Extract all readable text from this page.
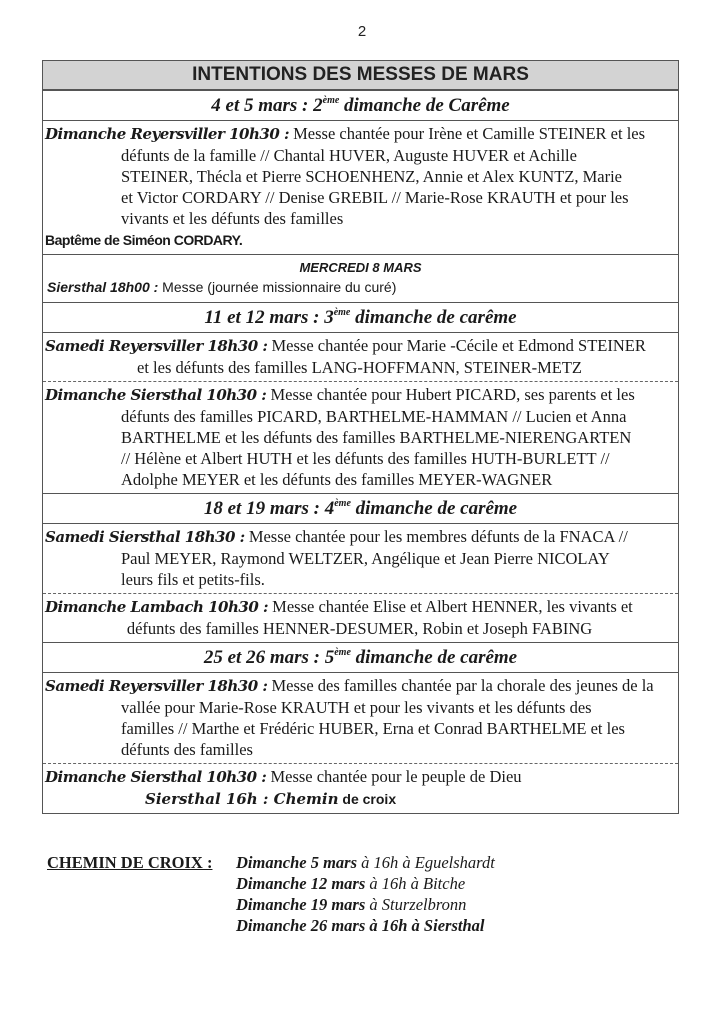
2
INTENTIONS DES MESSES DE MARS
4 et 5 mars : 2ème dimanche de Carême
Dimanche Reyersviller 10h30 : Messe chantée pour Irène et Camille STEINER et les
défunts de la famille // Chantal HUVER, Auguste HUVER et Achille
STEINER, Thécla et Pierre SCHOENHENZ, Annie et Alex KUNTZ, Marie
et Victor CORDARY // Denise GREBIL // Marie-Rose KRAUTH et pour les
vivants et les défunts des familles
Baptême de Siméon CORDARY.
MERCREDI 8 MARS
Siersthal 18h00 : Messe (journée missionnaire du curé)
11 et 12 mars : 3ème dimanche de carême
Samedi Reyersviller 18h30 : Messe chantée pour Marie -Cécile et Edmond STEINER
et les défunts des familles LANG-HOFFMANN, STEINER-METZ
Dimanche Siersthal 10h30 : Messe chantée pour Hubert PICARD, ses parents et les
défunts des familles PICARD, BARTHELME-HAMMAN // Lucien et Anna
BARTHELME et les défunts des familles BARTHELME-NIERENGARTEN
// Hélène et Albert HUTH et les défunts des familles HUTH-BURLETT //
Adolphe MEYER et les défunts des familles MEYER-WAGNER
18 et 19 mars : 4ème dimanche de carême
Samedi Siersthal 18h30 : Messe chantée pour les membres défunts de la FNACA //
Paul MEYER, Raymond WELTZER, Angélique et Jean Pierre NICOLAY
leurs fils et petits-fils.
Dimanche Lambach 10h30 : Messe chantée Elise et Albert HENNER, les vivants et
défunts des familles HENNER-DESUMER, Robin et Joseph FABING
25 et 26 mars : 5ème dimanche de carême
Samedi Reyersviller 18h30 : Messe des familles chantée par la chorale des jeunes de la
vallée pour Marie-Rose KRAUTH et pour les vivants et les défunts des
familles // Marthe et Frédéric HUBER, Erna et Conrad BARTHELME et les
défunts des familles
Dimanche Siersthal 10h30 : Messe chantée pour le peuple de Dieu
Siersthal 16h : Chemin de croix
CHEMIN DE CROIX :	Dimanche 5 mars à 16h à Eguelshardt
Dimanche 12 mars à 16h à Bitche
Dimanche 19 mars à Sturzelbronn
Dimanche 26 mars à 16h à Siersthal
